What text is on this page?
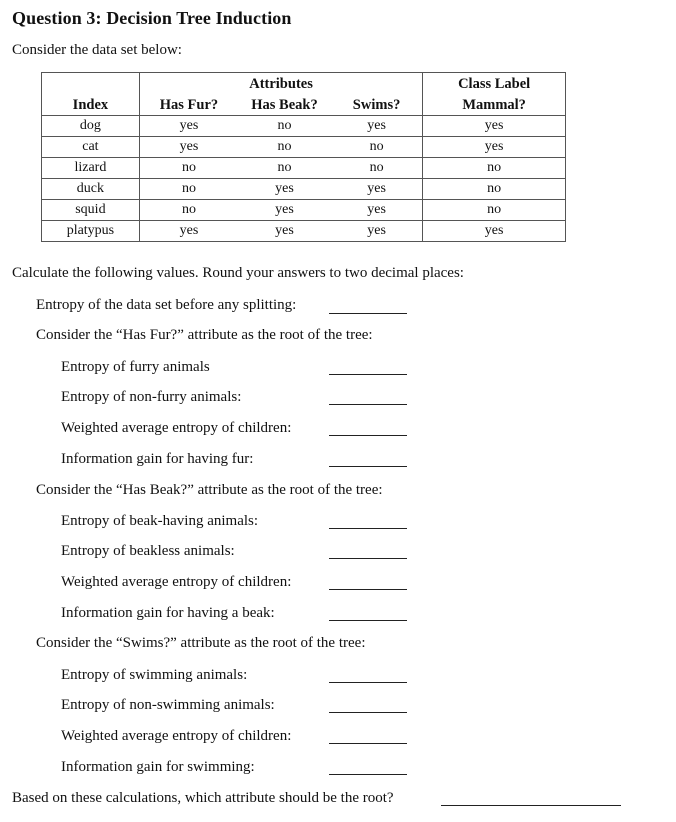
Question 3: Decision Tree Induction
Consider the data set below:
	Attributes			Class Label
Index	Has Fur?	Has Beak?	Swims?	Mammal?
dog	yes	no	yes	yes
cat	yes	no	no	yes
lizard	no	no	no	no
duck	no	yes	yes	no
squid	no	yes	yes	no
platypus	yes	yes	yes	yes
Calculate the following values. Round your answers to two decimal places:
Entropy of the data set before any splitting:
Consider the “Has Fur?” attribute as the root of the tree:
Entropy of furry animals
Entropy of non-furry animals:
Weighted average entropy of children:
Information gain for having fur:
Consider the “Has Beak?” attribute as the root of the tree:
Entropy of beak-having animals:
Entropy of beakless animals:
Weighted average entropy of children:
Information gain for having a beak:
Consider the “Swims?” attribute as the root of the tree:
Entropy of swimming animals:
Entropy of non-swimming animals:
Weighted average entropy of children:
Information gain for swimming:
Based on these calculations, which attribute should be the root?
